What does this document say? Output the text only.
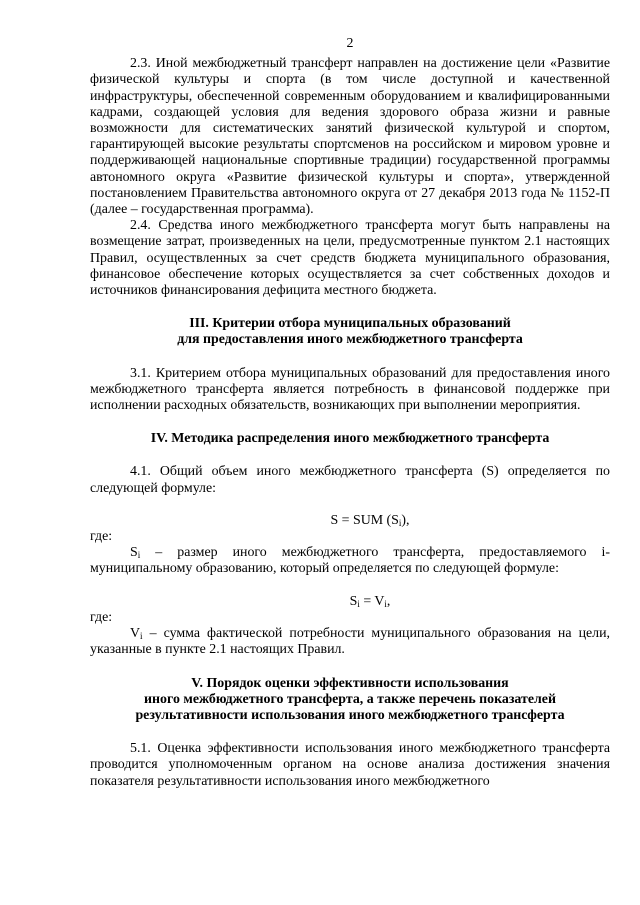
2

2.3. Иной межбюджетный трансферт направлен на достижение цели «Развитие физической культуры и спорта (в том числе доступной и качественной инфраструктуры, обеспеченной современным оборудованием и квалифицированными кадрами, создающей условия для ведения здорового образа жизни и равные возможности для систематических занятий физической культурой и спортом, гарантирующей высокие результаты спортсменов на российском и мировом уровне и поддерживающей национальные спортивные традиции) государственной программы автономного округа «Развитие физической культуры и спорта», утвержденной постановлением Правительства автономного округа от 27 декабря 2013 года № 1152-П (далее – государственная программа).

2.4. Средства иного межбюджетного трансферта могут быть направлены на возмещение затрат, произведенных на цели, предусмотренные пунктом 2.1 настоящих Правил, осуществленных за счет средств бюджета муниципального образования, финансовое обеспечение которых осуществляется за счет собственных доходов и источников финансирования дефицита местного бюджета.

III. Критерии отбора муниципальных образований

для предоставления иного межбюджетного трансферта

3.1. Критерием отбора муниципальных образований для предоставления иного межбюджетного трансферта является потребность в финансовой поддержке при исполнении расходных обязательств, возникающих при выполнении мероприятия.

IV. Методика распределения иного межбюджетного трансферта

4.1. Общий объем иного межбюджетного трансферта (S) определяется по следующей формуле:

S = SUM $(S_i)$,

где:

$S_i$ – размер иного межбюджетного трансферта, предоставляемого i-муниципальному образованию, который определяется по следующей формуле:

$S_i = V_i$,

где:

$V_i$ – сумма фактической потребности муниципального образования на цели, указанные в пункте 2.1 настоящих Правил.

V. Порядок оценки эффективности использования

иного межбюджетного трансферта, а также перечень показателей

результативности использования иного межбюджетного трансферта

5.1. Оценка эффективности использования иного межбюджетного трансферта проводится уполномоченным органом на основе анализа достижения значения показателя результативности использования иного межбюджетного
